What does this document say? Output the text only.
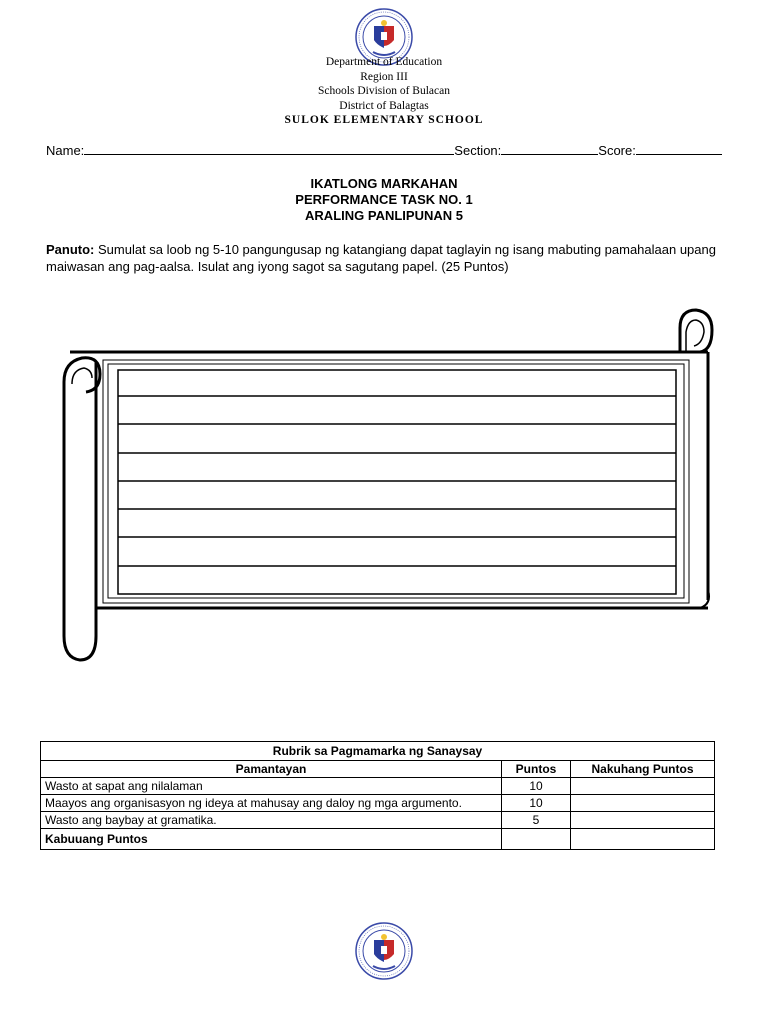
Department of Education
Region III
Schools Division of Bulacan
District of Balagtas
SULOK ELEMENTARY SCHOOL
Name:	Section:	Score:
IKATLONG MARKAHAN
PERFORMANCE TASK NO. 1
ARALING PANLIPUNAN 5
Panuto: Sumulat sa loob ng 5-10 pangungusap ng katangiang dapat taglayin ng isang mabuting pamahalaan upang maiwasan ang pag-aalsa. Isulat ang iyong sagot sa sagutang papel. (25 Puntos)
Rubrik sa Pagmamarka ng Sanaysay		
Pamantayan	Puntos	Nakuhang Puntos
Wasto at sapat ang nilalaman	10	
Maayos ang organisasyon ng ideya at mahusay ang daloy ng mga argumento.	10	
Wasto ang baybay at gramatika.	5	
Kabuuang Puntos		
